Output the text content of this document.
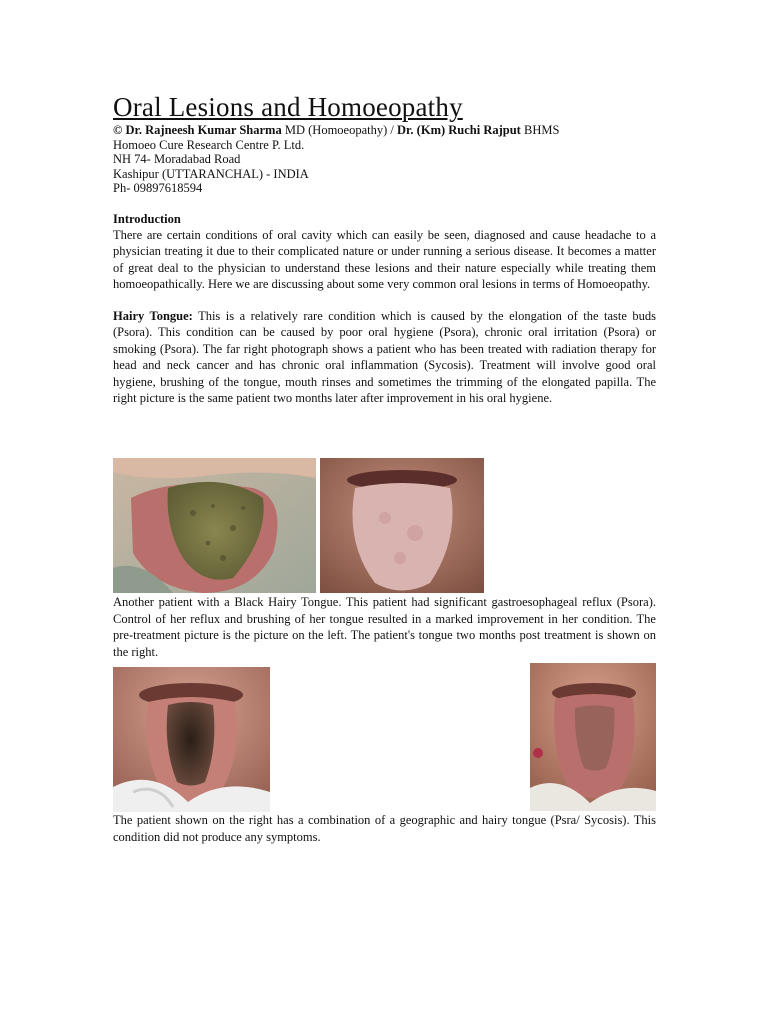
Oral Lesions and Homoeopathy
© Dr. Rajneesh Kumar Sharma MD (Homoeopathy) / Dr. (Km) Ruchi Rajput BHMS
Homoeo Cure Research Centre P. Ltd.
NH 74- Moradabad Road
Kashipur (UTTARANCHAL) - INDIA
Ph- 09897618594
Introduction

There are certain conditions of oral cavity which can easily be seen, diagnosed and cause headache to a physician treating it due to their complicated nature or under running a serious disease. It becomes a matter of great deal to the physician to understand these lesions and their nature especially while treating them homoeopathically. Here we are discussing about some very common oral lesions in terms of Homoeopathy.

Hairy Tongue: This is a relatively rare condition which is caused by the elongation of the taste buds (Psora). This condition can be caused by poor oral hygiene (Psora), chronic oral irritation (Psora) or smoking (Psora). The far right photograph shows a patient who has been treated with radiation therapy for head and neck cancer and has chronic oral inflammation (Sycosis). Treatment will involve good oral hygiene, brushing of the tongue, mouth rinses and sometimes the trimming of the elongated papilla. The right picture is the same patient two months later after improvement in his oral hygiene.

Another patient with a Black Hairy Tongue. This patient had significant gastroesophageal reflux (Psora). Control of her reflux and brushing of her tongue resulted in a marked improvement in her condition. The pre-treatment picture is the picture on the left. The patient's tongue two months post treatment is shown on the right.

The patient shown on the right has a combination of a geographic and hairy tongue (Psra/ Sycosis). This condition did not produce any symptoms.
